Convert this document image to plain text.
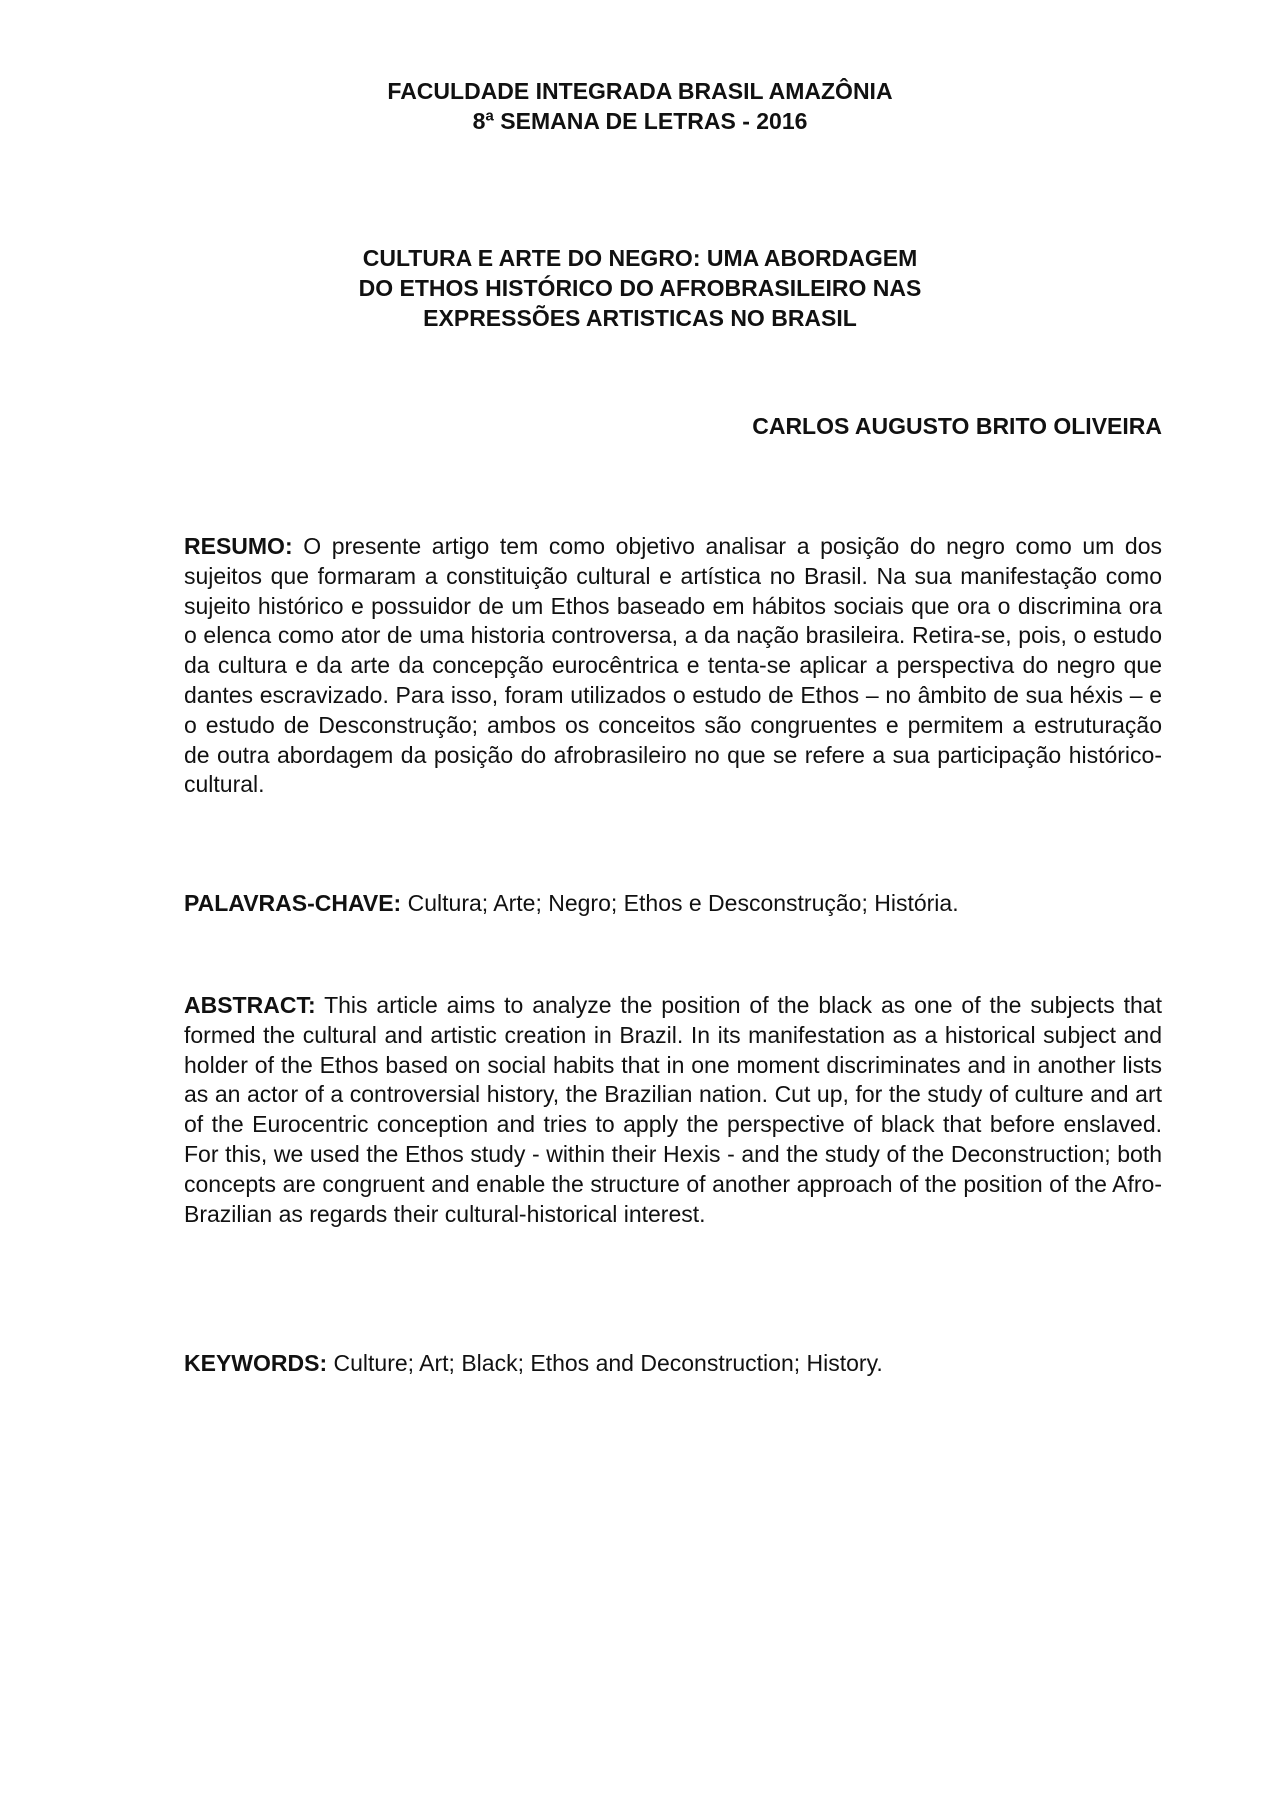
FACULDADE INTEGRADA BRASIL AMAZÔNIA
8ª SEMANA DE LETRAS - 2016
CULTURA E ARTE DO NEGRO: UMA ABORDAGEM
DO ETHOS HISTÓRICO DO AFROBRASILEIRO NAS
EXPRESSÕES ARTISTICAS NO BRASIL
CARLOS AUGUSTO BRITO OLIVEIRA
RESUMO: O presente artigo tem como objetivo analisar a posição do negro como um dos sujeitos que formaram a constituição cultural e artística no Brasil. Na sua manifestação como sujeito histórico e possuidor de um Ethos baseado em hábitos sociais que ora o discrimina ora o elenca como ator de uma historia controversa, a da nação brasileira. Retira-se, pois, o estudo da cultura e da arte da concepção eurocêntrica e tenta-se aplicar a perspectiva do negro que dantes escravizado. Para isso, foram utilizados o estudo de Ethos – no âmbito de sua héxis – e o estudo de Desconstrução; ambos os conceitos são congruentes e permitem a estruturação de outra abordagem da posição do afrobrasileiro no que se refere a sua participação histórico-cultural.
PALAVRAS-CHAVE: Cultura; Arte; Negro; Ethos e Desconstrução; História.
ABSTRACT: This article aims to analyze the position of the black as one of the subjects that formed the cultural and artistic creation in Brazil. In its manifestation as a historical subject and holder of the Ethos based on social habits that in one moment discriminates and in another lists as an actor of a controversial history, the Brazilian nation. Cut up, for the study of culture and art of the Eurocentric conception and tries to apply the perspective of black that before enslaved. For this, we used the Ethos study - within their Hexis - and the study of the Deconstruction; both concepts are congruent and enable the structure of another approach of the position of the Afro-Brazilian as regards their cultural-historical interest.
KEYWORDS: Culture; Art; Black; Ethos and Deconstruction; History.
